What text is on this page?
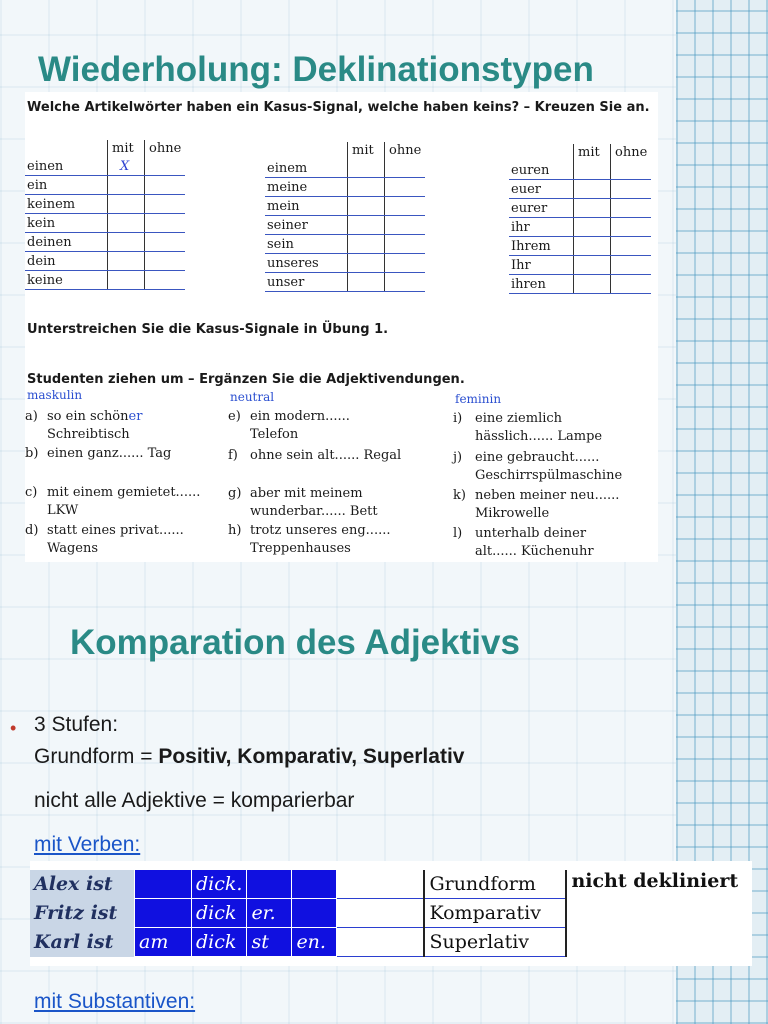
Wiederholung: Deklinationstypen
Welche Artikelwörter haben ein Kasus-Signal, welche haben keins? – Kreuzen Sie an.
	mit	ohne
einen	X	
ein		
keinem		
kein		
deinen		
dein		
keine		
	mit	ohne
einem		
meine		
mein		
seiner		
sein		
unseres		
unser		
	mit	ohne
euren		
euer		
eurer		
ihr		
Ihrem		
Ihr		
ihren		
Unterstreichen Sie die Kasus-Signale in Übung 1.
Studenten ziehen um – Ergänzen Sie die Adjektivendungen.
maskulin	neutral	feminin
a) so ein schöner
Schreibtisch
b) einen ganz...... Tag
c) mit einem gemietet......
LKW
d) statt eines privat......
Wagens
e) ein modern......
Telefon
f) ohne sein alt...... Regal
g) aber mit meinem
wunderbar...... Bett
h) trotz unseres eng......
Treppenhauses
i) eine ziemlich
hässlich...... Lampe
j) eine gebraucht......
Geschirrspülmaschine
k) neben meiner neu......
Mikrowelle
l) unterhalb deiner
alt...... Küchenuhr
Komparation des Adjektivs
• 3 Stufen:
Grundform = Positiv, Komparativ, Superlativ
nicht alle Adjektive = komparierbar
mit Verben:
Alex ist		dick.				Grundform	nicht dekliniert
Fritz ist		dick	er.			Komparativ	
Karl ist	am	dick	st	en.		Superlativ	
mit Substantiven:
